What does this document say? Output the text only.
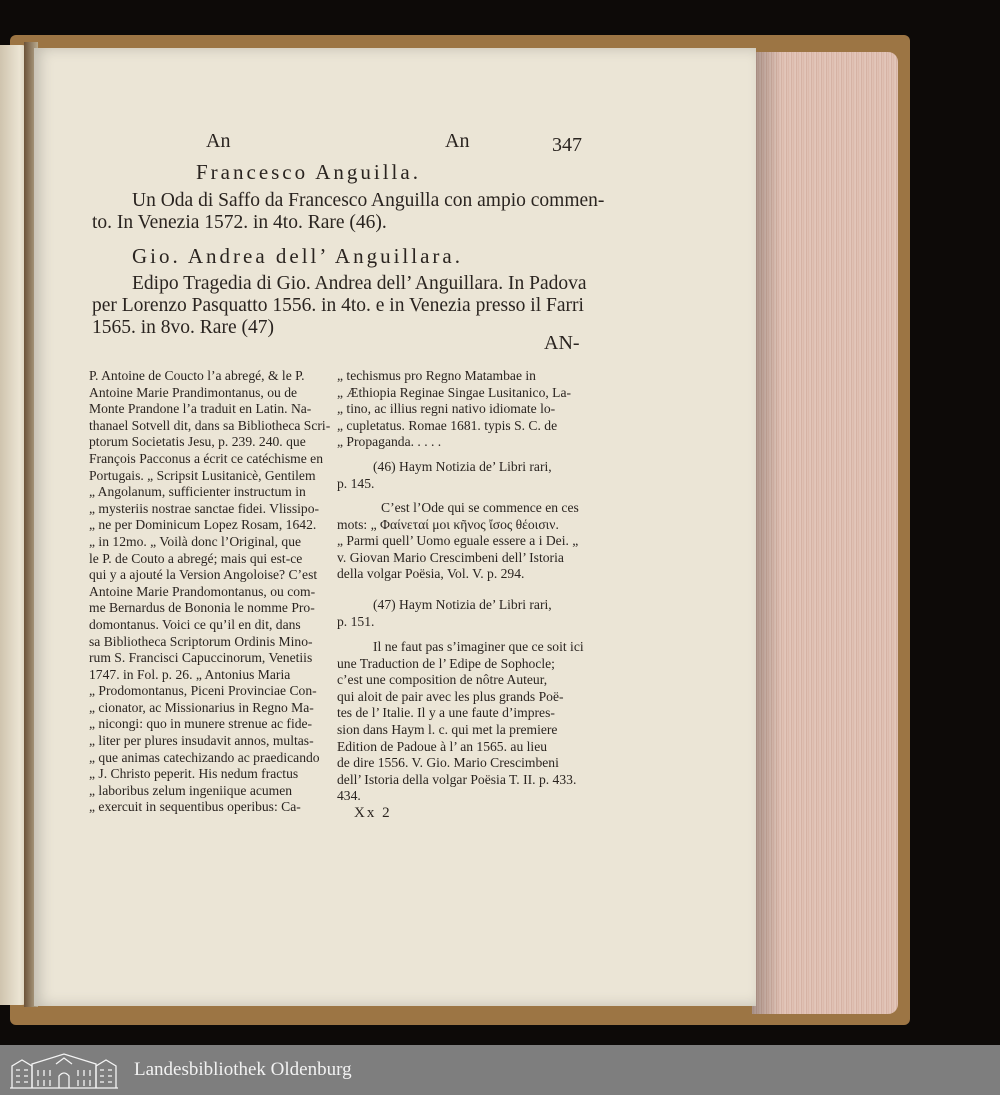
An	An	347
Francesco Anguilla.
Un Oda di Saffo da Francesco Anguilla con ampio commen-
to. In Venezia 1572. in 4to. Rare (46).
Gio. Andrea dell’ Anguillara.
Edipo Tragedia di Gio. Andrea dell’ Anguillara. In Padova
per Lorenzo Pasquatto 1556. in 4to. e in Venezia presso il Farri
1565. in 8vo. Rare (47)
AN-
P. Antoine de Coucto l’a abregé, & le P.
Antoine Marie Prandimontanus, ou de
Monte Prandone l’a traduit en Latin. Na-
thanael Sotvell dit, dans sa Bibliotheca Scri-
ptorum Societatis Jesu, p. 239. 240. que
François Pacconus a écrit ce catéchisme en
Portugais. „ Scripsit Lusitanicè, Gentilem
„ Angolanum, sufficienter instructum in
„ mysteriis nostrae sanctae fidei. Vlissipo-
„ ne per Dominicum Lopez Rosam, 1642.
„ in 12mo. „ Voilà donc l’Original, que
le P. de Couto a abregé; mais qui est-ce
qui y a ajouté la Version Angoloise? C’est
Antoine Marie Prandomontanus, ou com-
me Bernardus de Bononia le nomme Pro-
domontanus. Voici ce qu’il en dit, dans
sa Bibliotheca Scriptorum Ordinis Mino-
rum S. Francisci Capuccinorum, Venetiis
1747. in Fol. p. 26. „ Antonius Maria
„ Prodomontanus, Piceni Provinciae Con-
„ cionator, ac Missionarius in Regno Ma-
„ nicongi: quo in munere strenue ac fide-
„ liter per plures insudavit annos, multas-
„ que animas catechizando ac praedicando
„ J. Christo peperit. His nedum fractus
„ laboribus zelum ingeniique acumen
„ exercuit in sequentibus operibus: Ca-
„ techismus pro Regno Matambae in
„ Æthiopia Reginae Singae Lusitanico, La-
„ tino, ac illius regni nativo idiomate lo-
„ cupletatus. Romae 1681. typis S. C. de
„ Propaganda. . . . .
(46) Haym Notizia de’ Libri rari,
p. 145.
C’est l’Ode qui se commence en ces
mots: „ Φαίνεταί μοι κῆνος ἴσος θέοισιν.
„ Parmi quell’ Uomo eguale essere a i Dei. „
v. Giovan Mario Crescimbeni dell’ Istoria
della volgar Poësia, Vol. V. p. 294.
(47) Haym Notizia de’ Libri rari,
p. 151.
Il ne faut pas s’imaginer que ce soit ici
une Traduction de l’ Edipe de Sophocle;
c’est une composition de nôtre Auteur,
qui aloit de pair avec les plus grands Poë-
tes de l’ Italie. Il y a une faute d’impres-
sion dans Haym l. c. qui met la premiere
Edition de Padoue à l’ an 1565. au lieu
de dire 1556. V. Gio. Mario Crescimbeni
dell’ Istoria della volgar Poësia T. II. p. 433.
434.
Xx 2
Landesbibliothek Oldenburg
